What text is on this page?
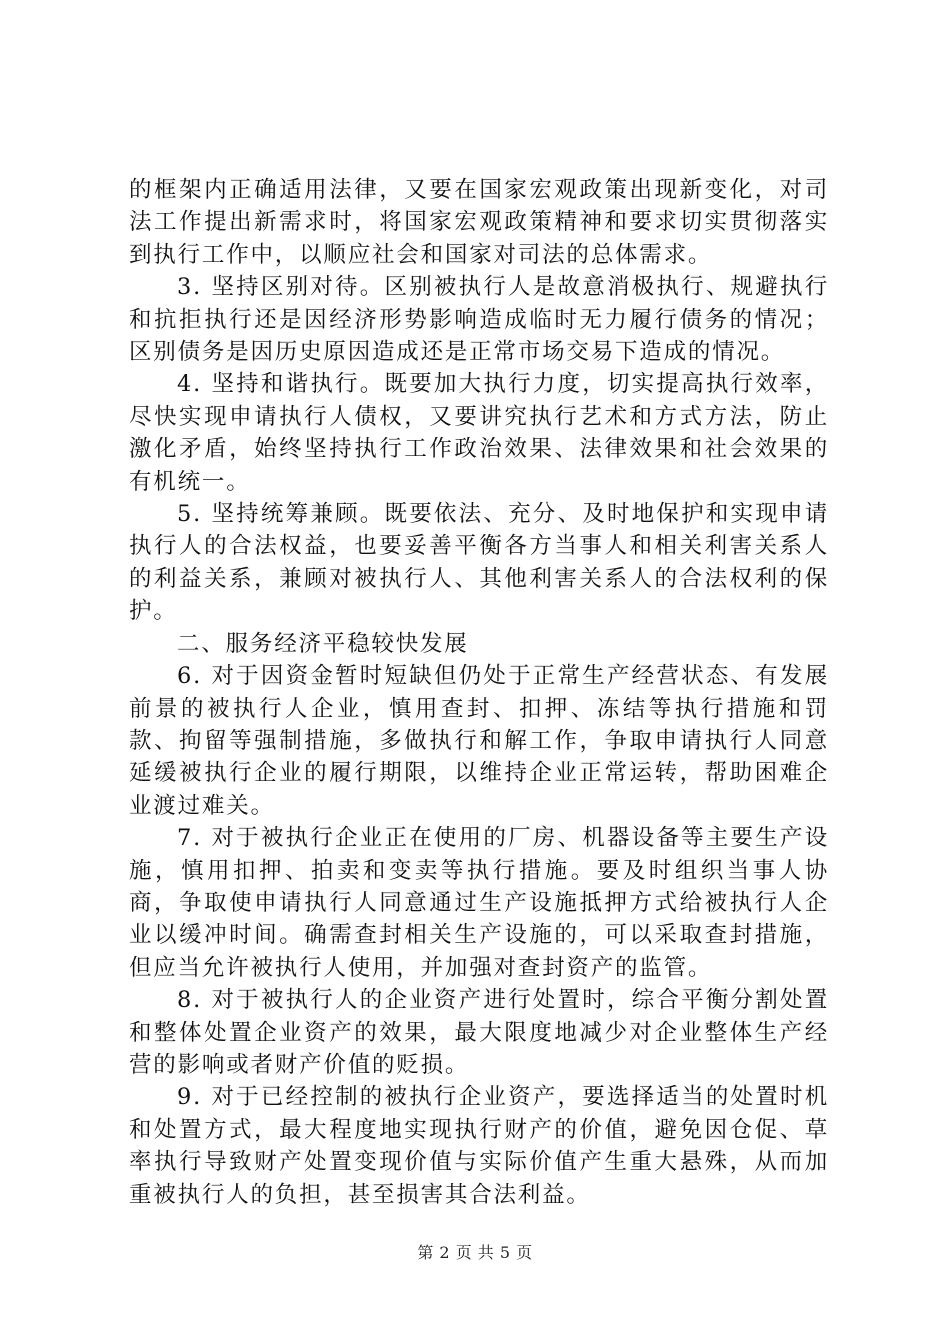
的框架内正确适用法律，又要在国家宏观政策出现新变化，对司法工作提出新需求时，将国家宏观政策精神和要求切实贯彻落实到执行工作中，以顺应社会和国家对司法的总体需求。

3. 坚持区别对待。区别被执行人是故意消极执行、规避执行和抗拒执行还是因经济形势影响造成临时无力履行债务的情况；区别债务是因历史原因造成还是正常市场交易下造成的情况。

4. 坚持和谐执行。既要加大执行力度，切实提高执行效率，尽快实现申请执行人债权，又要讲究执行艺术和方式方法，防止激化矛盾，始终坚持执行工作政治效果、法律效果和社会效果的有机统一。

5. 坚持统筹兼顾。既要依法、充分、及时地保护和实现申请执行人的合法权益，也要妥善平衡各方当事人和相关利害关系人的利益关系，兼顾对被执行人、其他利害关系人的合法权利的保护。

二、服务经济平稳较快发展

6. 对于因资金暂时短缺但仍处于正常生产经营状态、有发展前景的被执行人企业，慎用查封、扣押、冻结等执行措施和罚款、拘留等强制措施，多做执行和解工作，争取申请执行人同意延缓被执行企业的履行期限，以维持企业正常运转，帮助困难企业渡过难关。

7. 对于被执行企业正在使用的厂房、机器设备等主要生产设施，慎用扣押、拍卖和变卖等执行措施。要及时组织当事人协商，争取使申请执行人同意通过生产设施抵押方式给被执行人企业以缓冲时间。确需查封相关生产设施的，可以采取查封措施，但应当允许被执行人使用，并加强对查封资产的监管。

8. 对于被执行人的企业资产进行处置时，综合平衡分割处置和整体处置企业资产的效果，最大限度地减少对企业整体生产经营的影响或者财产价值的贬损。

9. 对于已经控制的被执行企业资产，要选择适当的处置时机和处置方式，最大程度地实现执行财产的价值，避免因仓促、草率执行导致财产处置变现价值与实际价值产生重大悬殊，从而加重被执行人的负担，甚至损害其合法利益。

第 2 页 共 5 页
